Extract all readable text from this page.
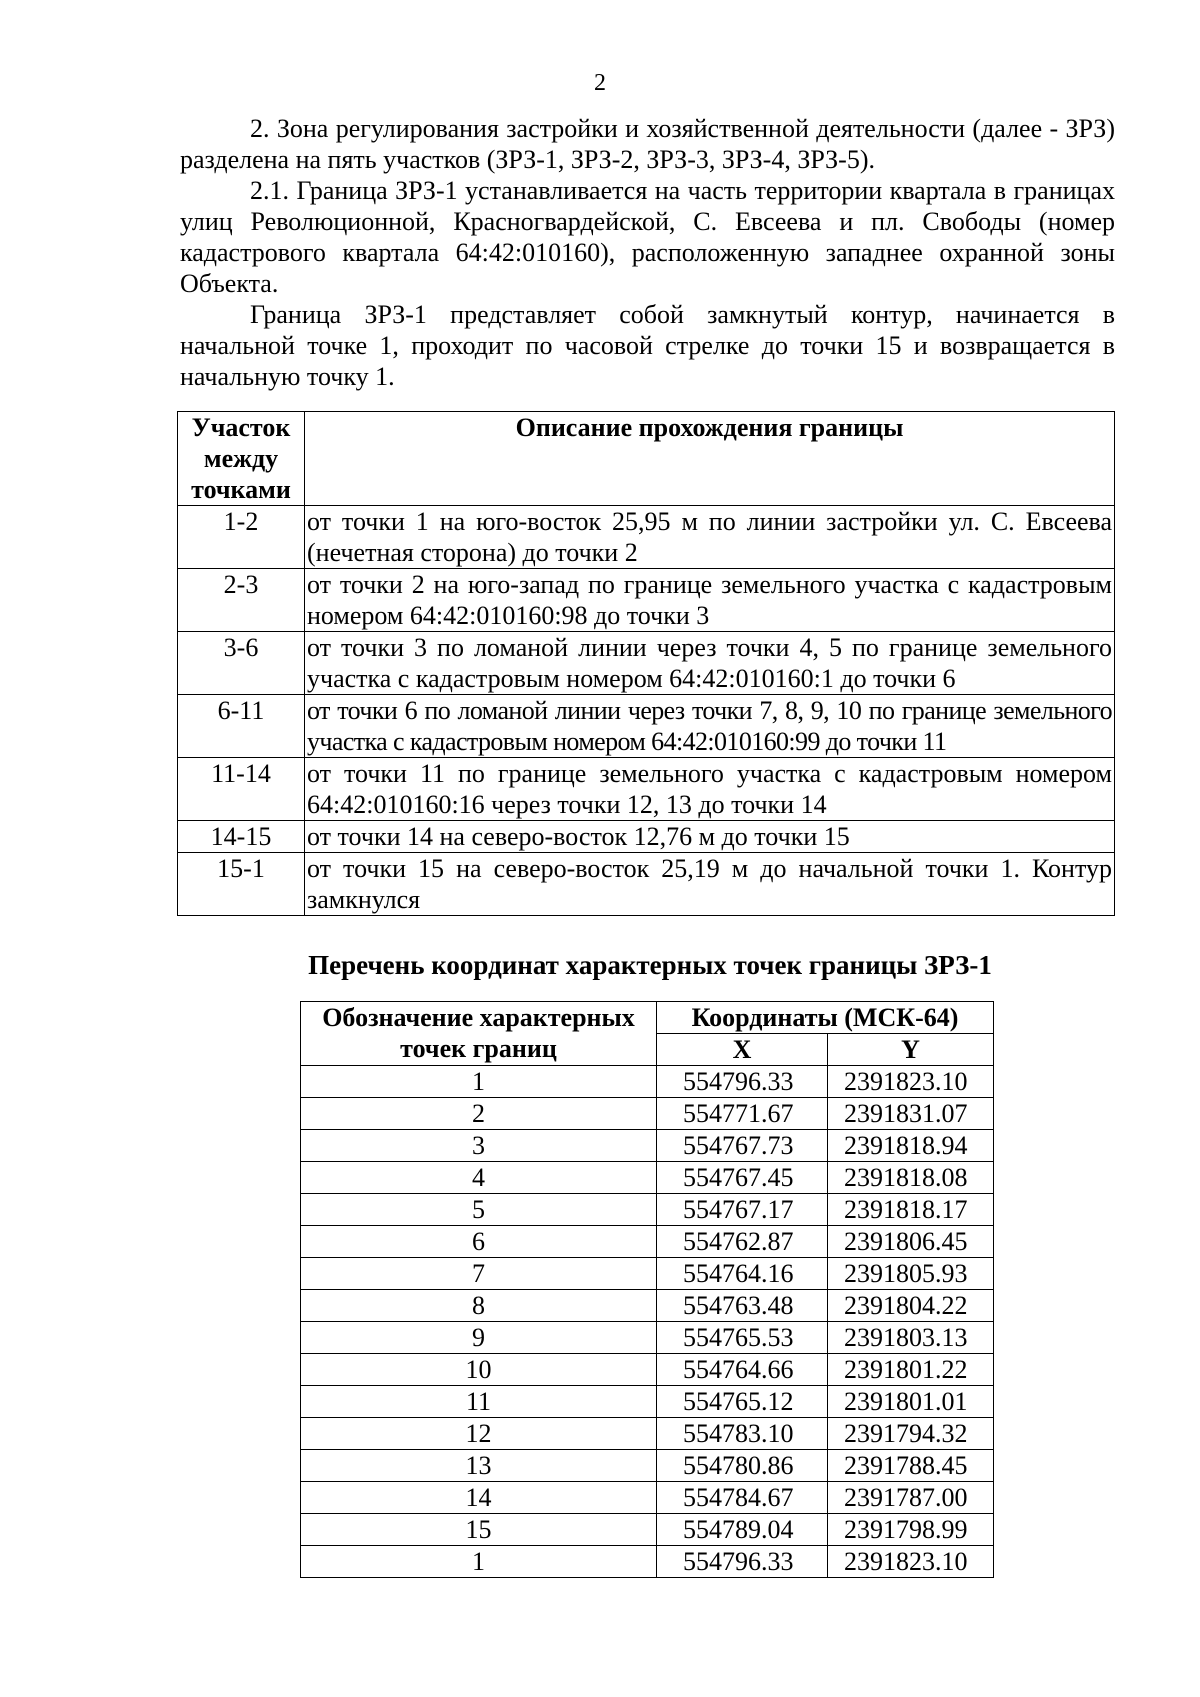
2
2. Зона регулирования застройки и хозяйственной деятельности (далее - ЗРЗ) разделена на пять участков (ЗРЗ-1, ЗРЗ-2, ЗРЗ-3, ЗРЗ-4, ЗРЗ-5).
2.1. Граница ЗРЗ-1 устанавливается на часть территории квартала в границах улиц Революционной, Красногвардейской, С. Евсеева и пл. Свободы (номер кадастрового квартала 64:42:010160), расположенную западнее охранной зоны Объекта.
Граница ЗРЗ-1 представляет собой замкнутый контур, начинается в начальной точке 1, проходит по часовой стрелке до точки 15 и возвращается в начальную точку 1.
Участок между точками	Описание прохождения границы
1-2	от точки 1 на юго-восток 25,95 м по линии застройки ул. С. Евсеева (нечетная сторона) до точки 2
2-3	от точки 2 на юго-запад по границе земельного участка с кадастровым номером 64:42:010160:98 до точки 3
3-6	от точки 3 по ломаной линии через точки 4, 5 по границе земельного участка с кадастровым номером 64:42:010160:1 до точки 6
6-11	от точки 6 по ломаной линии через точки 7, 8, 9, 10 по границе земельного участка с кадастровым номером 64:42:010160:99 до точки 11
11-14	от точки 11 по границе земельного участка с кадастровым номером 64:42:010160:16 через точки 12, 13 до точки 14
14-15	от точки 14 на северо-восток 12,76 м до точки 15
15-1	от точки 15 на северо-восток 25,19 м до начальной точки 1. Контур замкнулся
Перечень координат характерных точек границы ЗРЗ-1
Обозначение характерных точек границ	Координаты (МСК-64)	
	X	Y
1	554796.33	2391823.10
2	554771.67	2391831.07
3	554767.73	2391818.94
4	554767.45	2391818.08
5	554767.17	2391818.17
6	554762.87	2391806.45
7	554764.16	2391805.93
8	554763.48	2391804.22
9	554765.53	2391803.13
10	554764.66	2391801.22
11	554765.12	2391801.01
12	554783.10	2391794.32
13	554780.86	2391788.45
14	554784.67	2391787.00
15	554789.04	2391798.99
1	554796.33	2391823.10
